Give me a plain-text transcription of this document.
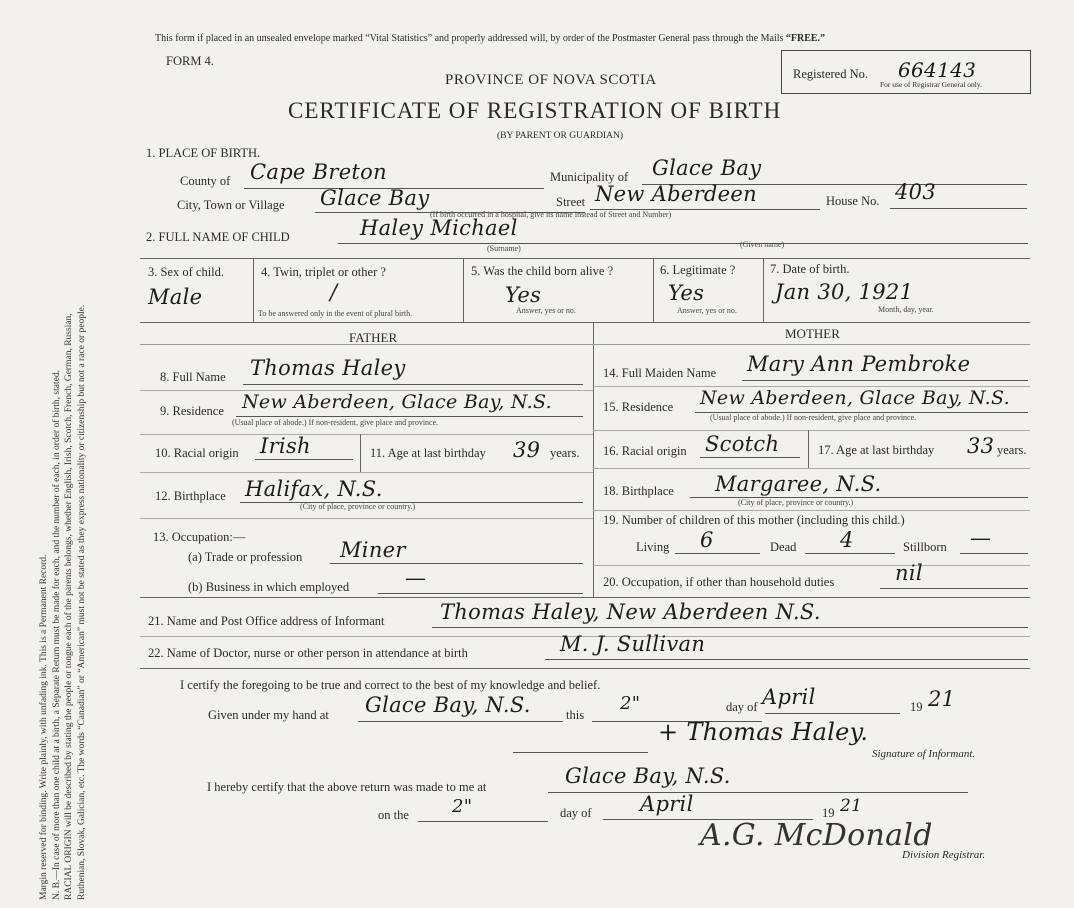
Margin reserved for binding. Write plainly, with unfading ink. This is a Permanent Record. N. B.—In case of more than one child at a birth, a Separate Return must be made for each, and the number of each, in order of birth, stated. RACIAL ORIGIN will be described by stating the people or tongue each of the parents belongs, whether English, Irish, Scotch, French, German, Russian, Ruthenian, Slovak, Galician, etc. The words “Canadian” or “American” must not be stated as they express nationality or citizenship but not a race or people.
This form if placed in an unsealed envelope marked “Vital Statistics” and properly addressed will, by order of the Postmaster General pass through the Mails “FREE.”
FORM 4.
Registered No. 664143
For use of Registrar General only.
PROVINCE OF NOVA SCOTIA
CERTIFICATE OF REGISTRATION OF BIRTH
(BY PARENT OR GUARDIAN)
1. PLACE OF BIRTH.
County of Cape Breton	Municipality of Glace Bay
City, Town or Village Glace Bay	Street New Aberdeen	House No. 403
(If birth occurred in a hospital, give its name instead of Street and Number)
2. FULL NAME OF CHILD	Haley Michael
(Surname)	(Given name)
3. Sex of child.
Male
4. Twin, triplet or other ?
/
To be answered only in the event of plural birth.
5. Was the child born alive ?
Yes
Answer, yes or no.
6. Legitimate ?
Yes
Answer, yes or no.
7. Date of birth.
Jan 30, 1921
Month, day, year.
FATHER	MOTHER
8. Full Name Thomas Haley
9. Residence New Aberdeen, Glace Bay, N.S.
(Usual place of abode.) If non-resident, give place and province.
10. Racial origin Irish	11. Age at last birthday 39 years.
12. Birthplace Halifax, N.S.
(City of place, province or country.)
13. Occupation:—
(a) Trade or profession Miner
(b) Business in which employed	—
14. Full Maiden Name Mary Ann Pembroke
15. Residence New Aberdeen, Glace Bay, N.S.
(Usual place of abode.) If non-resident, give place and province.
16. Racial origin Scotch	17. Age at last birthday 33 years.
18. Birthplace Margaree, N.S.
(City of place, province or country.)
19. Number of children of this mother (including this child.)
Living 6	Dead 4	Stillborn —
20. Occupation, if other than household duties	nil
21. Name and Post Office address of Informant	Thomas Haley, New Aberdeen N.S.
22. Name of Doctor, nurse or other person in attendance at birth	M. J. Sullivan
I certify the foregoing to be true and correct to the best of my knowledge and belief.
Given under my hand at Glace Bay, N.S.	this
2"	day of April	19 21
+ Thomas Haley.
Signature of Informant.
I hereby certify that the above return was made to me at	Glace Bay, N.S.
on the 2"	day of April	19 21
A.G. McDonald
Division Registrar.
